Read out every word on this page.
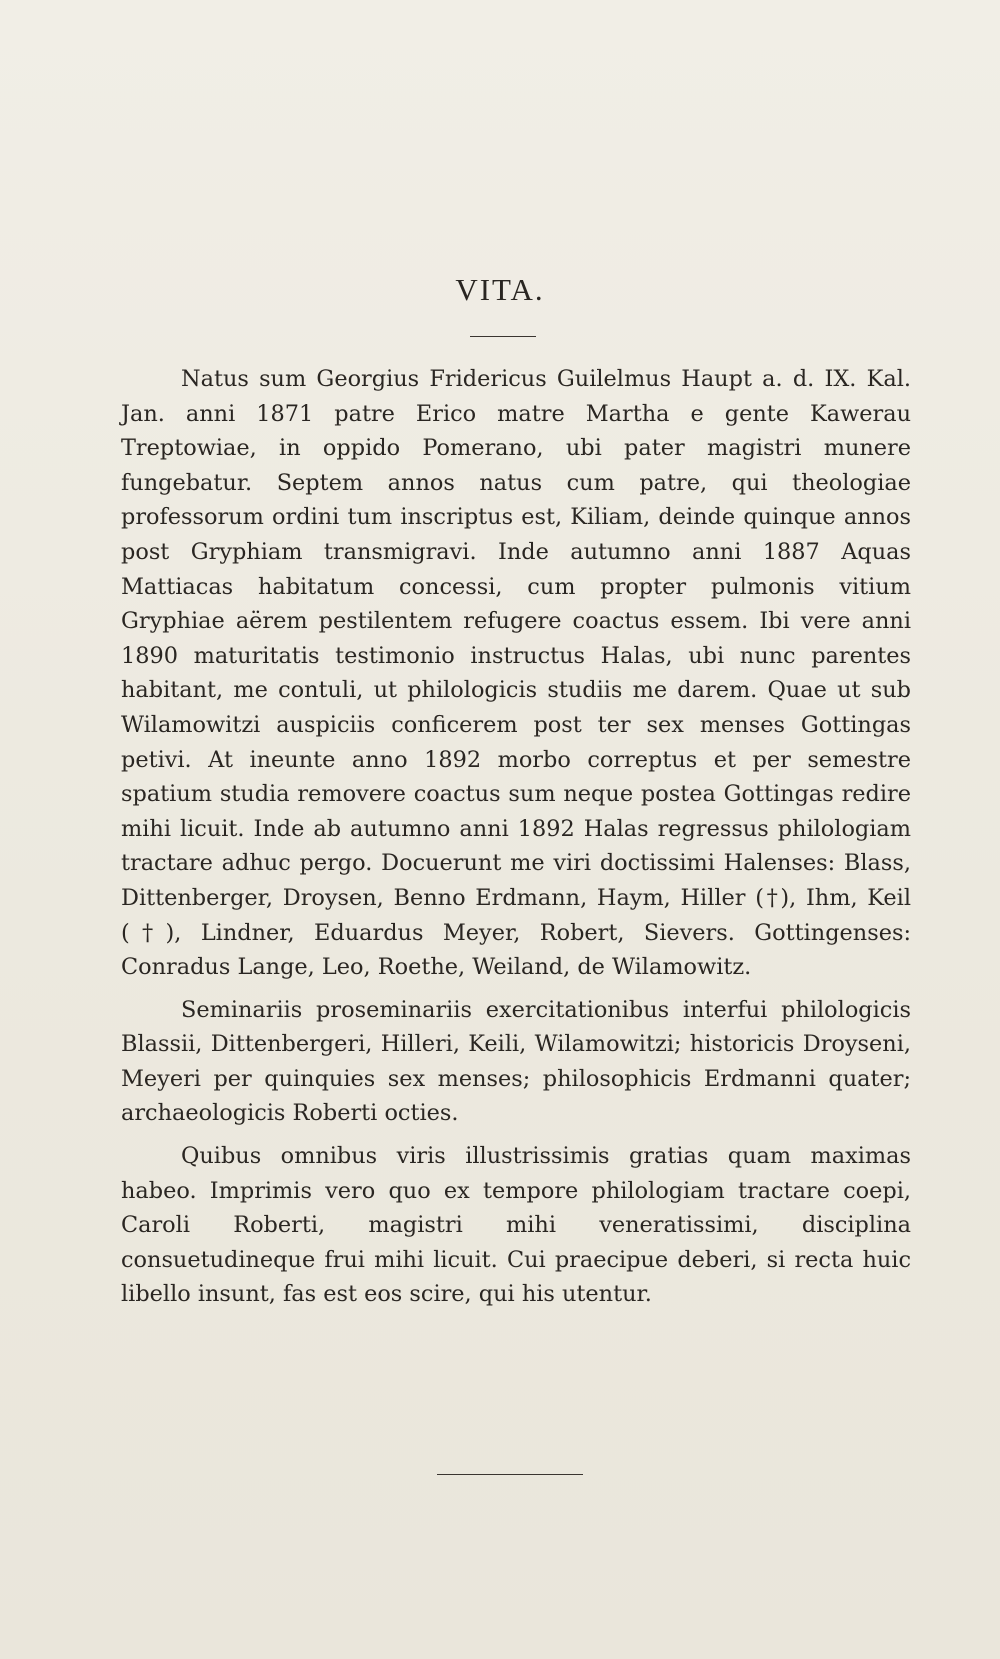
VITA.

Natus sum Georgius Fridericus Guilelmus Haupt a. d. IX. Kal. Jan. anni 1871 patre Erico matre Martha e gente Kawerau Treptowiae, in oppido Pomerano, ubi pater magistri munere fungebatur. Septem annos natus cum patre, qui theologiae professorum ordini tum inscriptus est, Kiliam, deinde quinque annos post Gryphiam transmigravi. Inde autumno anni 1887 Aquas Mattiacas habitatum concessi, cum propter pulmonis vitium Gryphiae aërem pestilentem refugere coactus essem. Ibi vere anni 1890 maturitatis testimonio instructus Halas, ubi nunc parentes habitant, me contuli, ut philologicis studiis me darem. Quae ut sub Wilamowitzi auspiciis conficerem post ter sex menses Gottingas petivi. At ineunte anno 1892 morbo correptus et per semestre spatium studia removere coactus sum neque postea Gottingas redire mihi licuit. Inde ab autumno anni 1892 Halas regressus philologiam tractare adhuc pergo. Docuerunt me viri doctissimi Halenses: Blass, Dittenberger, Droysen, Benno Erdmann, Haym, Hiller (†), Ihm, Keil (†), Lindner, Eduardus Meyer, Robert, Sievers. Gottingenses: Conradus Lange, Leo, Roethe, Weiland, de Wilamowitz.

Seminariis proseminariis exercitationibus interfui philologicis Blassii, Dittenbergeri, Hilleri, Keili, Wilamowitzi; historicis Droyseni, Meyeri per quinquies sex menses; philosophicis Erdmanni quater; archaeologicis Roberti octies.

Quibus omnibus viris illustrissimis gratias quam maximas habeo. Imprimis vero quo ex tempore philologiam tractare coepi, Caroli Roberti, magistri mihi veneratissimi, disciplina consuetudineque frui mihi licuit. Cui praecipue deberi, si recta huic libello insunt, fas est eos scire, qui his utentur.
